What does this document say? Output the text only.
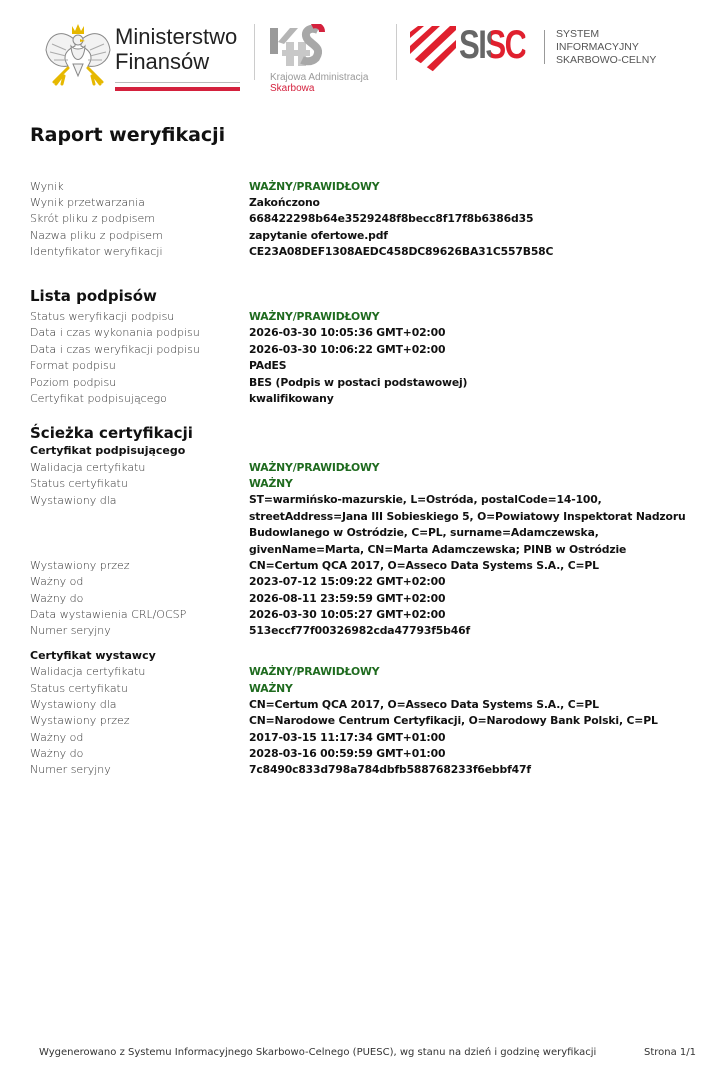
Ministerstwo
Finansów
Krajowa Administracja
Skarbowa
SISC	SYSTEM
INFORMACYJNY
SKARBOWO-CELNY
Raport weryfikacji
Wynik	WAŻNY/PRAWIDŁOWY
Wynik przetwarzania	Zakończono
Skrót pliku z podpisem	668422298b64e3529248f8becc8f17f8b6386d35
Nazwa pliku z podpisem	zapytanie ofertowe.pdf
Identyfikator weryfikacji	CE23A08DEF1308AEDC458DC89626BA31C557B58C
Lista podpisów
Status weryfikacji podpisu	WAŻNY/PRAWIDŁOWY
Data i czas wykonania podpisu	2026-03-30 10:05:36 GMT+02:00
Data i czas weryfikacji podpisu	2026-03-30 10:06:22 GMT+02:00
Format podpisu	PAdES
Poziom podpisu	BES (Podpis w postaci podstawowej)
Certyfikat podpisującego	kwalifikowany
Ścieżka certyfikacji
Certyfikat podpisującego
Walidacja certyfikatu	WAŻNY/PRAWIDŁOWY
Status certyfikatu	WAŻNY
Wystawiony dla	ST=warmińsko-mazurskie, L=Ostróda, postalCode=14-100, streetAddress=Jana III Sobieskiego 5, O=Powiatowy Inspektorat Nadzoru Budowlanego w Ostródzie, C=PL, surname=Adamczewska, givenName=Marta, CN=Marta Adamczewska; PINB w Ostródzie
Wystawiony przez	CN=Certum QCA 2017, O=Asseco Data Systems S.A., C=PL
Ważny od	2023-07-12 15:09:22 GMT+02:00
Ważny do	2026-08-11 23:59:59 GMT+02:00
Data wystawienia CRL/OCSP	2026-03-30 10:05:27 GMT+02:00
Numer seryjny	513eccf77f00326982cda47793f5b46f
Certyfikat wystawcy
Walidacja certyfikatu	WAŻNY/PRAWIDŁOWY
Status certyfikatu	WAŻNY
Wystawiony dla	CN=Certum QCA 2017, O=Asseco Data Systems S.A., C=PL
Wystawiony przez	CN=Narodowe Centrum Certyfikacji, O=Narodowy Bank Polski, C=PL
Ważny od	2017-03-15 11:17:34 GMT+01:00
Ważny do	2028-03-16 00:59:59 GMT+01:00
Numer seryjny	7c8490c833d798a784dbfb588768233f6ebbf47f
Wygenerowano z Systemu Informacyjnego Skarbowo-Celnego (PUESC), wg stanu na dzień i godzinę weryfikacji	Strona 1/1
